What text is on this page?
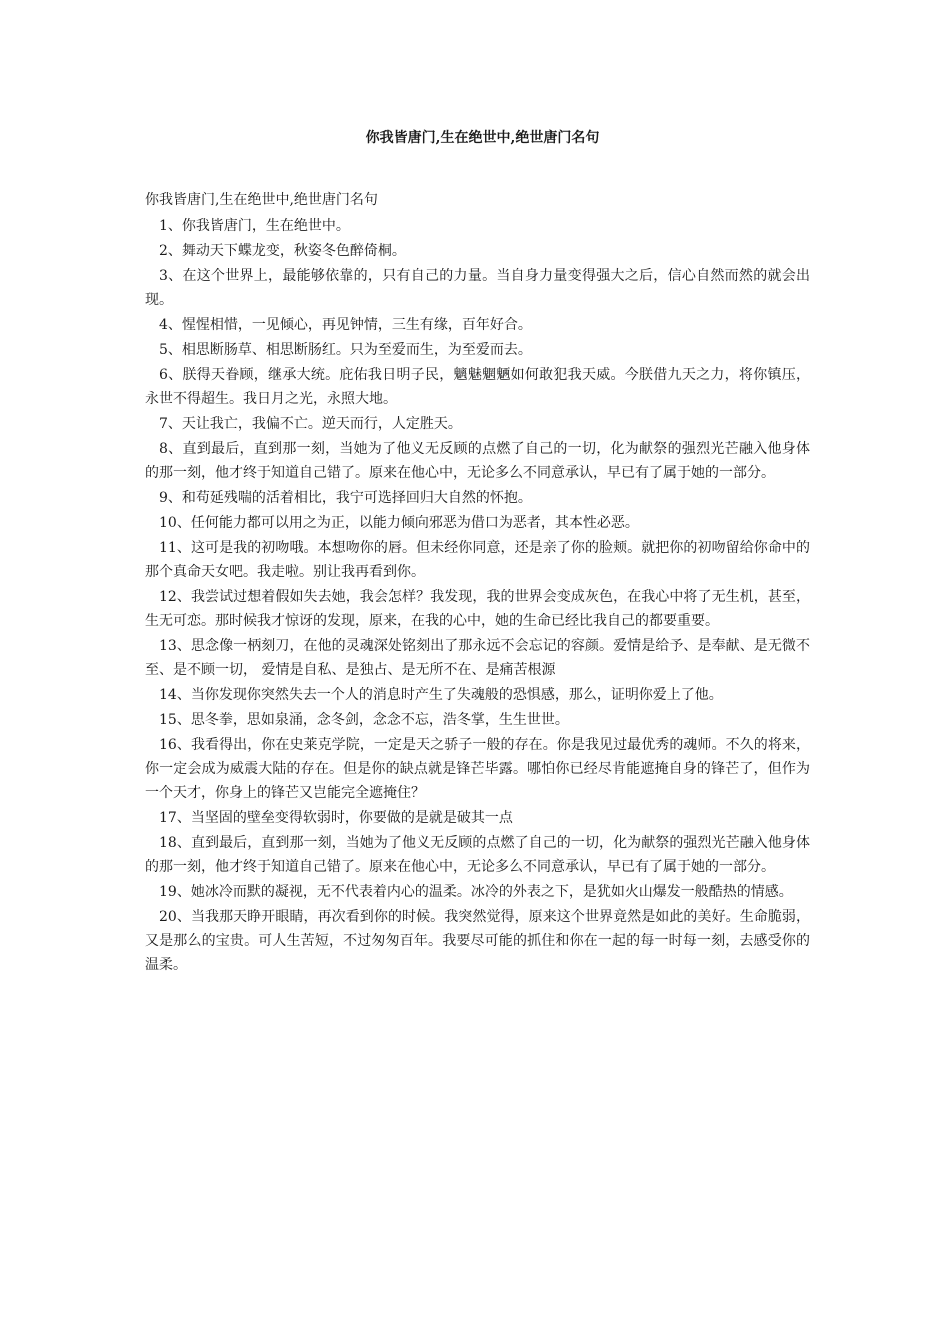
你我皆唐门,生在绝世中,绝世唐门名句

你我皆唐门,生在绝世中,绝世唐门名句

1、你我皆唐门，生在绝世中。
2、舞动天下蝶龙变，秋姿冬色醉倚桐。
3、在这个世界上，最能够依靠的，只有自己的力量。当自身力量变得强大之后，信心自然而然的就会出现。
4、惺惺相惜，一见倾心，再见钟情，三生有缘，百年好合。
5、相思断肠草、相思断肠红。只为至爱而生，为至爱而去。
6、朕得天眷顾，继承大统。庇佑我日明子民，魑魅魍魉如何敢犯我天威。今朕借九天之力，将你镇压，永世不得超生。我日月之光，永照大地。
7、天让我亡，我偏不亡。逆天而行，人定胜天。
8、直到最后，直到那一刻，当她为了他义无反顾的点燃了自己的一切，化为献祭的强烈光芒融入他身体的那一刻，他才终于知道自己错了。原来在他心中，无论多么不同意承认，早已有了属于她的一部分。
9、和苟延残喘的活着相比，我宁可选择回归大自然的怀抱。
10、任何能力都可以用之为正，以能力倾向邪恶为借口为恶者，其本性必恶。
11、这可是我的初吻哦。本想吻你的唇。但未经你同意，还是亲了你的脸颊。就把你的初吻留给你命中的那个真命天女吧。我走啦。别让我再看到你。
12、我尝试过想着假如失去她，我会怎样？我发现，我的世界会变成灰色，在我心中将了无生机，甚至，生无可恋。那时候我才惊讶的发现，原来，在我的心中，她的生命已经比我自己的都要重要。
13、思念像一柄刻刀，在他的灵魂深处铭刻出了那永远不会忘记的容颜。爱情是给予、是奉献、是无微不至、是不顾一切， 爱情是自私、是独占、是无所不在、是痛苦根源
14、当你发现你突然失去一个人的消息时产生了失魂般的恐惧感，那么，证明你爱上了他。
15、思冬拳，思如泉涌，念冬剑，念念不忘，浩冬掌，生生世世。
16、我看得出，你在史莱克学院，一定是天之骄子一般的存在。你是我见过最优秀的魂师。不久的将来，你一定会成为威震大陆的存在。但是你的缺点就是锋芒毕露。哪怕你已经尽肯能遮掩自身的锋芒了，但作为一个天才，你身上的锋芒又岂能完全遮掩住？
17、当坚固的壁垒变得软弱时，你要做的是就是破其一点
18、直到最后，直到那一刻，当她为了他义无反顾的点燃了自己的一切，化为献祭的强烈光芒融入他身体的那一刻，他才终于知道自己错了。原来在他心中，无论多么不同意承认，早已有了属于她的一部分。
19、她冰冷而默的凝视，无不代表着内心的温柔。冰冷的外表之下，是犹如火山爆发一般酷热的情感。
20、当我那天睁开眼睛，再次看到你的时候。我突然觉得，原来这个世界竟然是如此的美好。生命脆弱，又是那么的宝贵。可人生苦短，不过匆匆百年。我要尽可能的抓住和你在一起的每一时每一刻，去感受你的温柔。
